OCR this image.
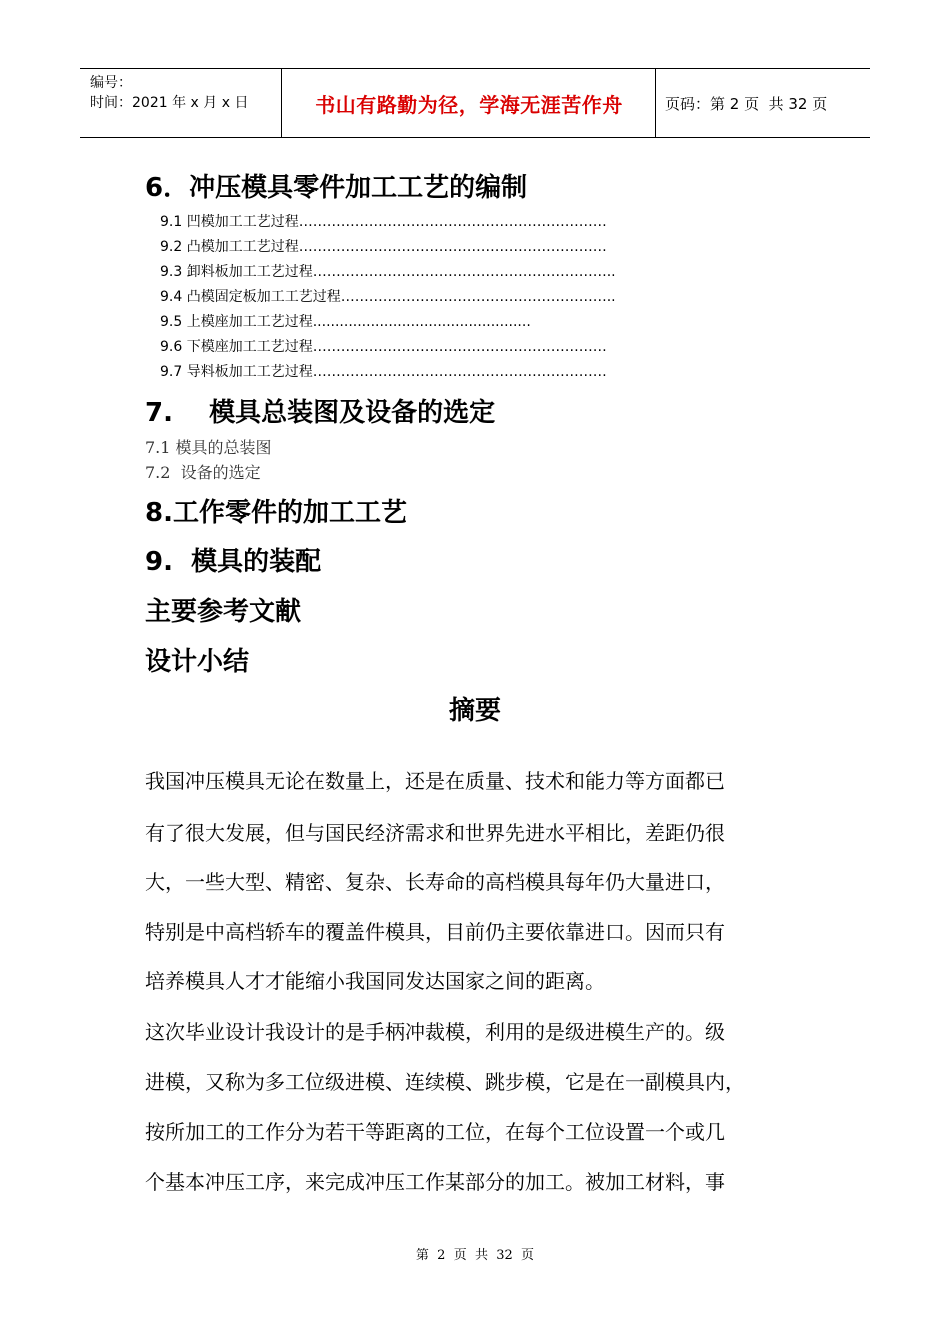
编号：
时间：2021 年 x 月 x 日	书山有路勤为径，学海无涯苦作舟	页码：第 2 页  共 32 页
6．冲压模具零件加工工艺的编制
9.1 凹模加工工艺过程…………………………………………………………
9.2 凸模加工工艺过程…………………………………………………………
9.3 卸料板加工工艺过程………………………………………………………..
9.4 凸模固定板加工工艺过程…………………………………………………..
9.5 上模座加工工艺过程.................................................
9.6 下模座加工工艺过程………………………………………………………
9.7 导料板加工工艺过程………………………………………………………
7.    模具总装图及设备的选定
7.1 模具的总装图
7.2  设备的选定
8.工作零件的加工工艺
9.  模具的装配
主要参考文献
设计小结
摘要
我国冲压模具无论在数量上，还是在质量、技术和能力等方面都已
有了很大发展，但与国民经济需求和世界先进水平相比，差距仍很
大，一些大型、精密、复杂、长寿命的高档模具每年仍大量进口，
特别是中高档轿车的覆盖件模具，目前仍主要依靠进口。因而只有
培养模具人才才能缩小我国同发达国家之间的距离。
这次毕业设计我设计的是手柄冲裁模，利用的是级进模生产的。级
进模，又称为多工位级进模、连续模、跳步模，它是在一副模具内，
按所加工的工作分为若干等距离的工位，在每个工位设置一个或几
个基本冲压工序，来完成冲压工作某部分的加工。被加工材料，事
第  2  页  共  32  页
